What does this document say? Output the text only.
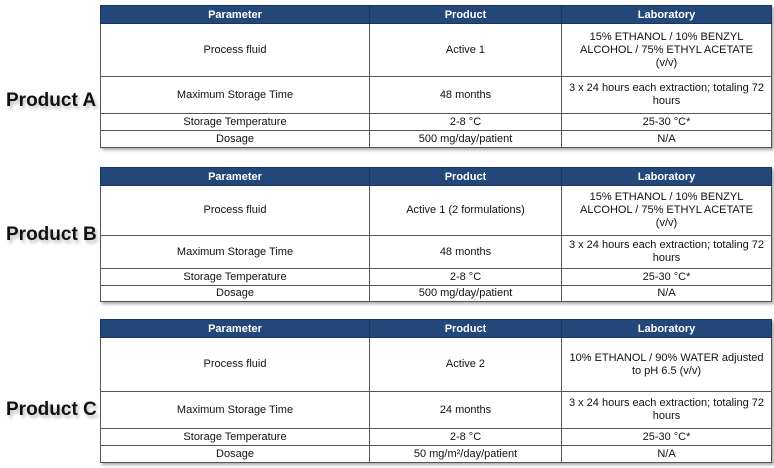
Product A
Parameter	Product	Laboratory
Process fluid	Active 1	15% ETHANOL / 10% BENZYL ALCOHOL / 75% ETHYL ACETATE (v/v)
Maximum Storage Time	48 months	3 x 24 hours each extraction; totaling 72 hours
Storage Temperature	2-8 °C	25-30 °C*
Dosage	500 mg/day/patient	N/A
Product B
Parameter	Product	Laboratory
Process fluid	Active 1 (2 formulations)	15% ETHANOL / 10% BENZYL ALCOHOL / 75% ETHYL ACETATE (v/v)
Maximum Storage Time	48 months	3 x 24 hours each extraction; totaling 72 hours
Storage Temperature	2-8 °C	25-30 °C*
Dosage	500 mg/day/patient	N/A
Product C
Parameter	Product	Laboratory
Process fluid	Active 2	10% ETHANOL / 90% WATER adjusted to pH 6.5 (v/v)
Maximum Storage Time	24 months	3 x 24 hours each extraction; totaling 72 hours
Storage Temperature	2-8 °C	25-30 °C*
Dosage	50 mg/m²/day/patient	N/A
